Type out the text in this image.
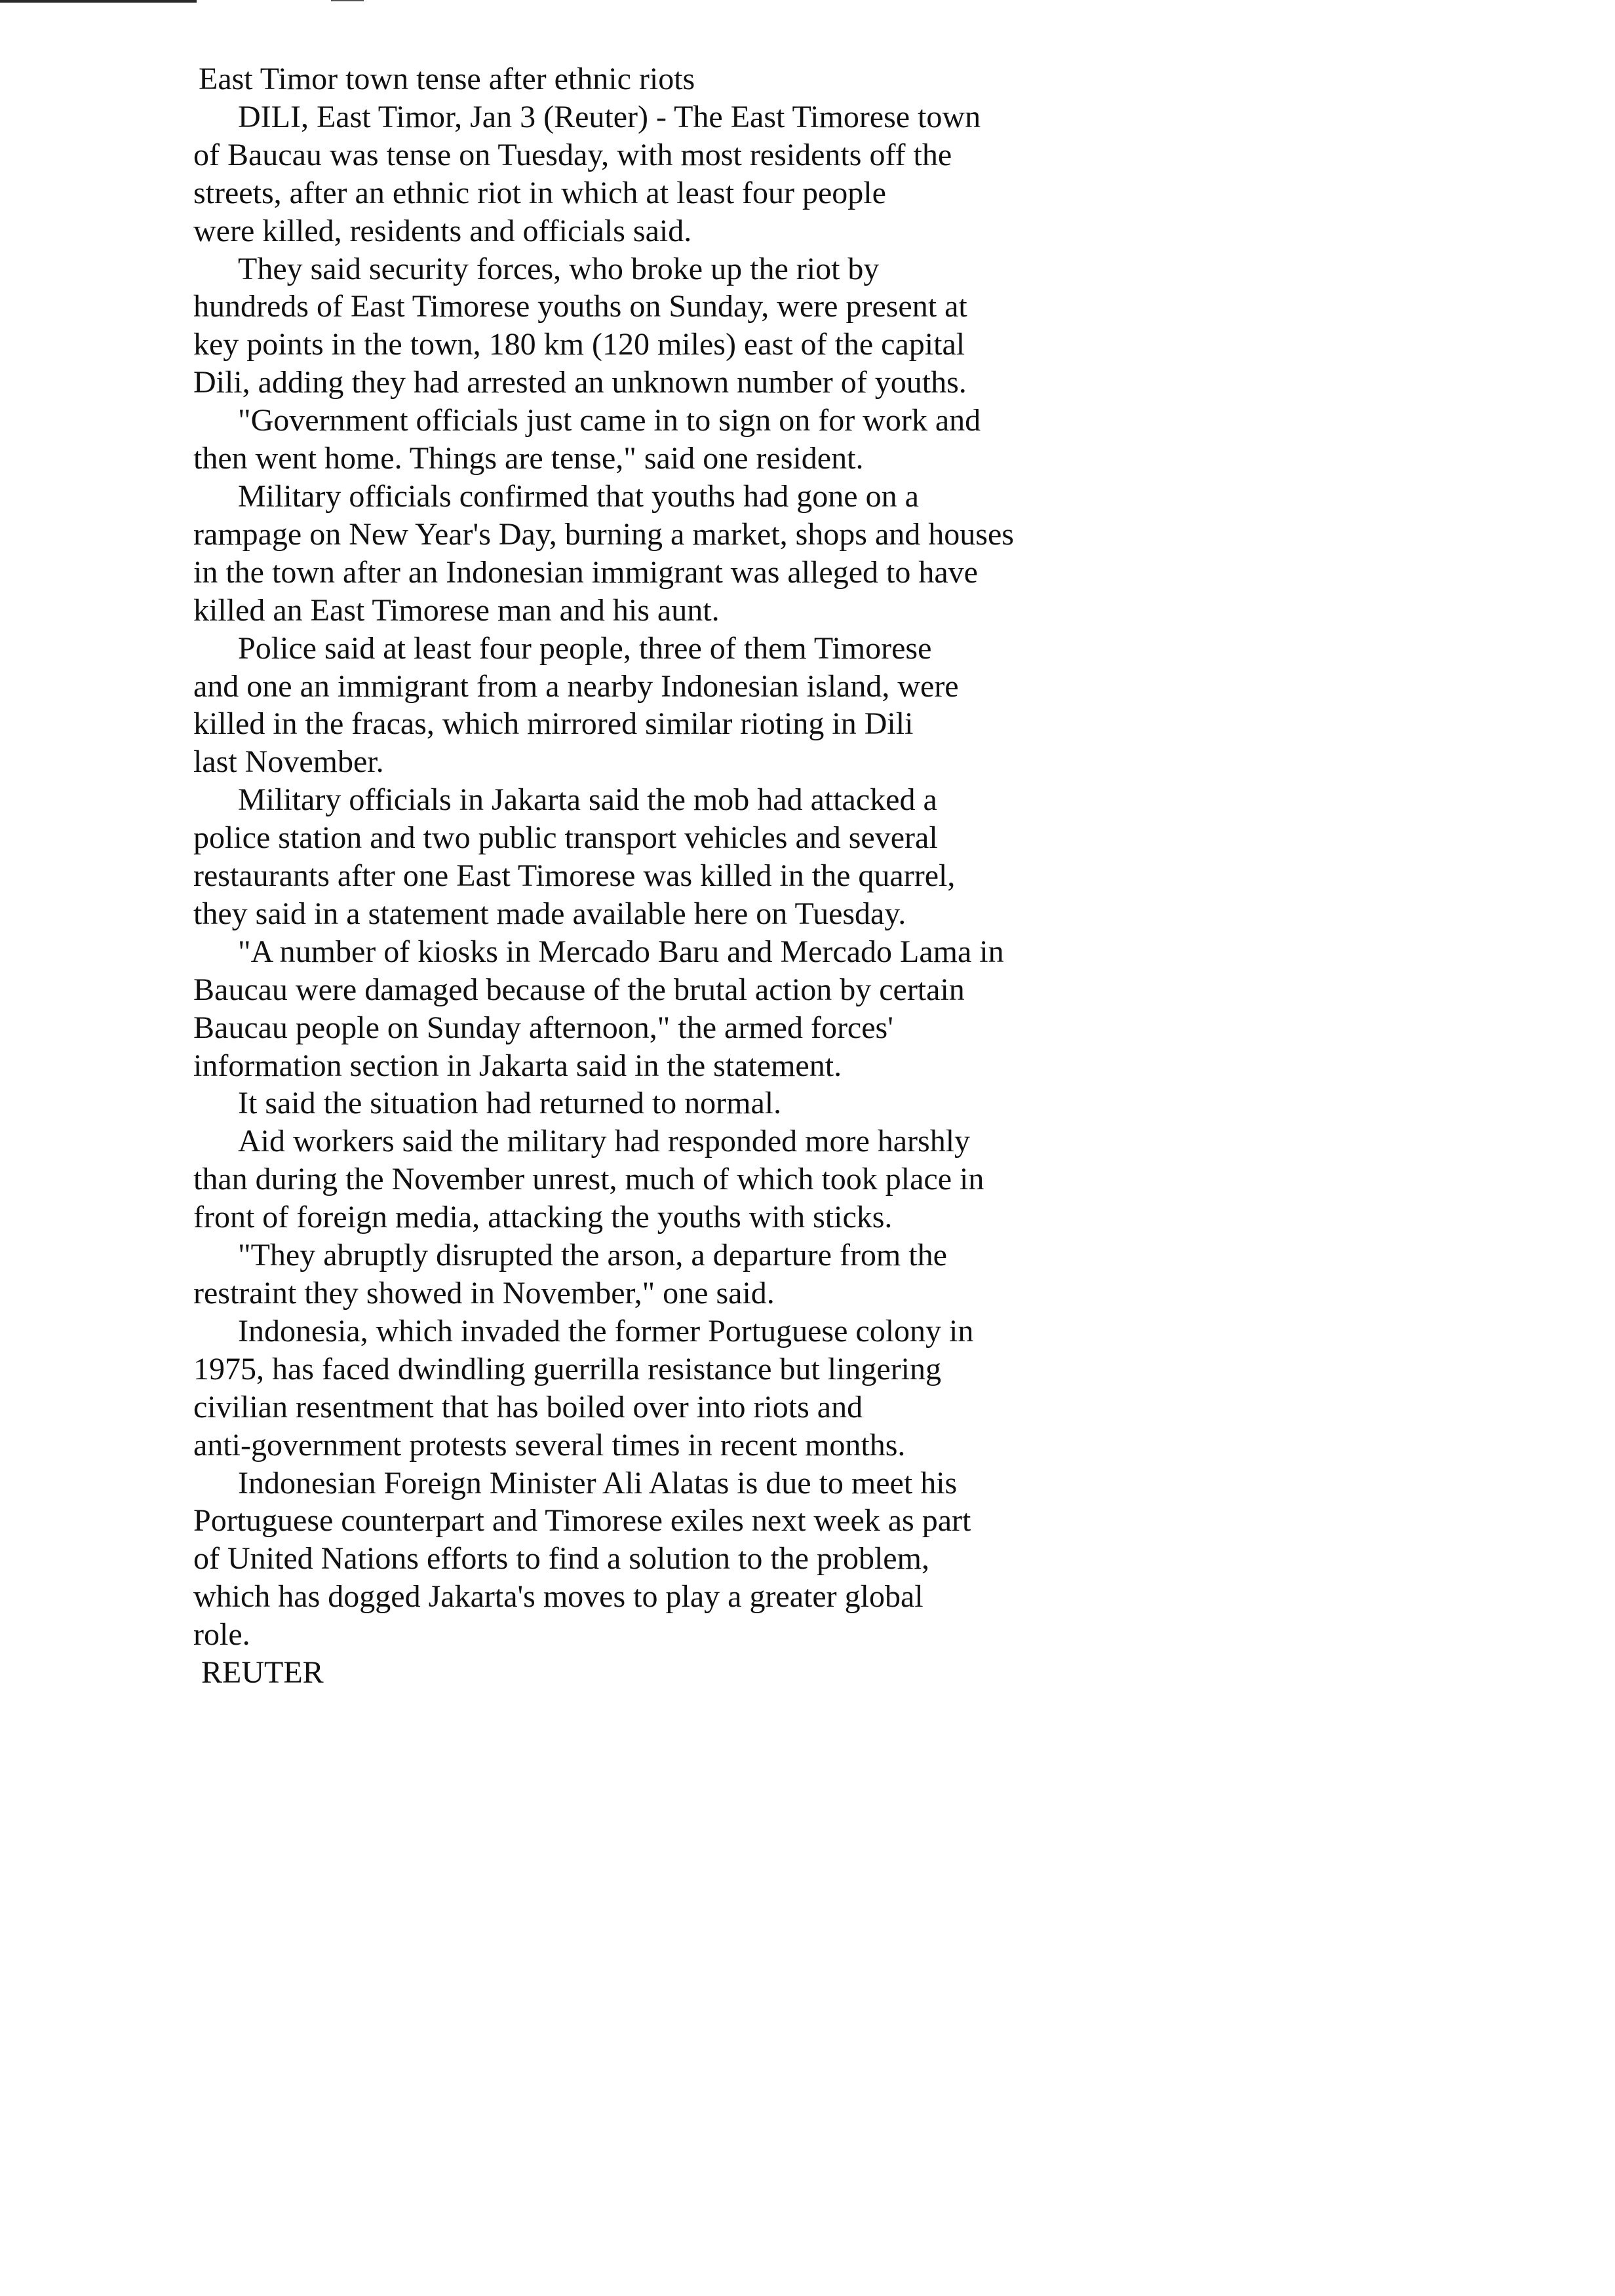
East Timor town tense after ethnic riots
DILI, East Timor, Jan 3 (Reuter) - The East Timorese town
of Baucau was tense on Tuesday, with most residents off the
streets, after an ethnic riot in which at least four people
were killed, residents and officials said.
They said security forces, who broke up the riot by
hundreds of East Timorese youths on Sunday, were present at
key points in the town, 180 km (120 miles) east of the capital
Dili, adding they had arrested an unknown number of youths.
"Government officials just came in to sign on for work and
then went home. Things are tense," said one resident.
Military officials confirmed that youths had gone on a
rampage on New Year's Day, burning a market, shops and houses
in the town after an Indonesian immigrant was alleged to have
killed an East Timorese man and his aunt.
Police said at least four people, three of them Timorese
and one an immigrant from a nearby Indonesian island, were
killed in the fracas, which mirrored similar rioting in Dili
last November.
Military officials in Jakarta said the mob had attacked a
police station and two public transport vehicles and several
restaurants after one East Timorese was killed in the quarrel,
they said in a statement made available here on Tuesday.
"A number of kiosks in Mercado Baru and Mercado Lama in
Baucau were damaged because of the brutal action by certain
Baucau people on Sunday afternoon," the armed forces'
information section in Jakarta said in the statement.
It said the situation had returned to normal.
Aid workers said the military had responded more harshly
than during the November unrest, much of which took place in
front of foreign media, attacking the youths with sticks.
"They abruptly disrupted the arson, a departure from the
restraint they showed in November," one said.
Indonesia, which invaded the former Portuguese colony in
1975, has faced dwindling guerrilla resistance but lingering
civilian resentment that has boiled over into riots and
anti-government protests several times in recent months.
Indonesian Foreign Minister Ali Alatas is due to meet his
Portuguese counterpart and Timorese exiles next week as part
of United Nations efforts to find a solution to the problem,
which has dogged Jakarta's moves to play a greater global
role.
REUTER
